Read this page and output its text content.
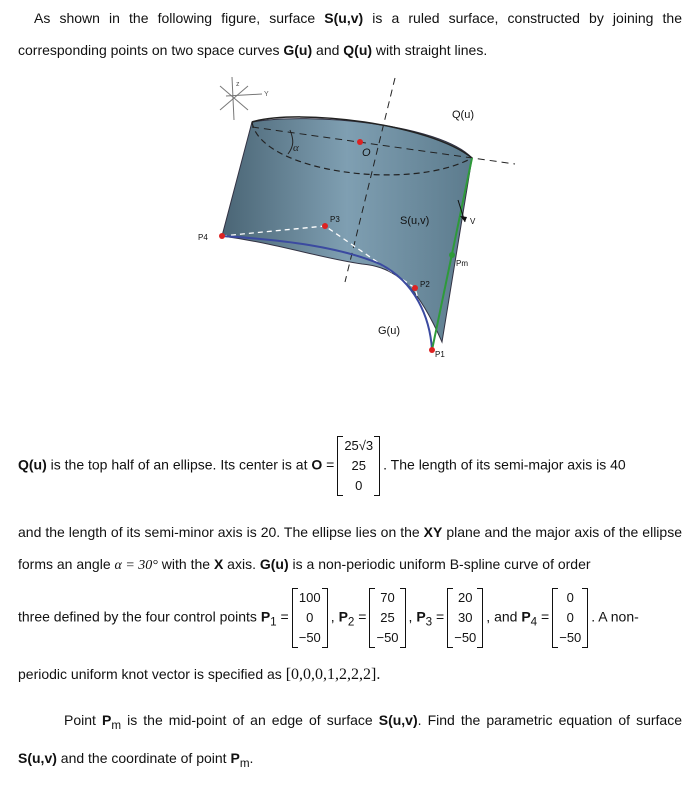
As shown in the following figure, surface S(u,v) is a ruled surface, constructed by joining the corresponding points on two space curves G(u) and Q(u) with straight lines.
z
Y
Q(u)
α	O
S(u,v)
P3
P4
V
Pm
P2
G(u)
P1
Q(u) is the top half of an ellipse. Its center is at O =
25√3
25
0
. The length of its semi-major axis is 40
and the length of its semi-minor axis is 20. The ellipse lies on the XY plane and the major axis of the ellipse forms an angle α = 30° with the X axis. G(u) is a non-periodic uniform B-spline curve of order
three defined by the four control points $P_1$ =
100
0
−50
, $P_2$ =
70
25
−50
, $P_3$ =
20
30
−50
, and $P_4$ =
0
0
−50
. A non-
periodic uniform knot vector is specified as [0,0,0,1,2,2,2].
Point $P_m$ is the mid-point of an edge of surface S(u,v). Find the parametric equation of surface S(u,v) and the coordinate of point $P_m$.
